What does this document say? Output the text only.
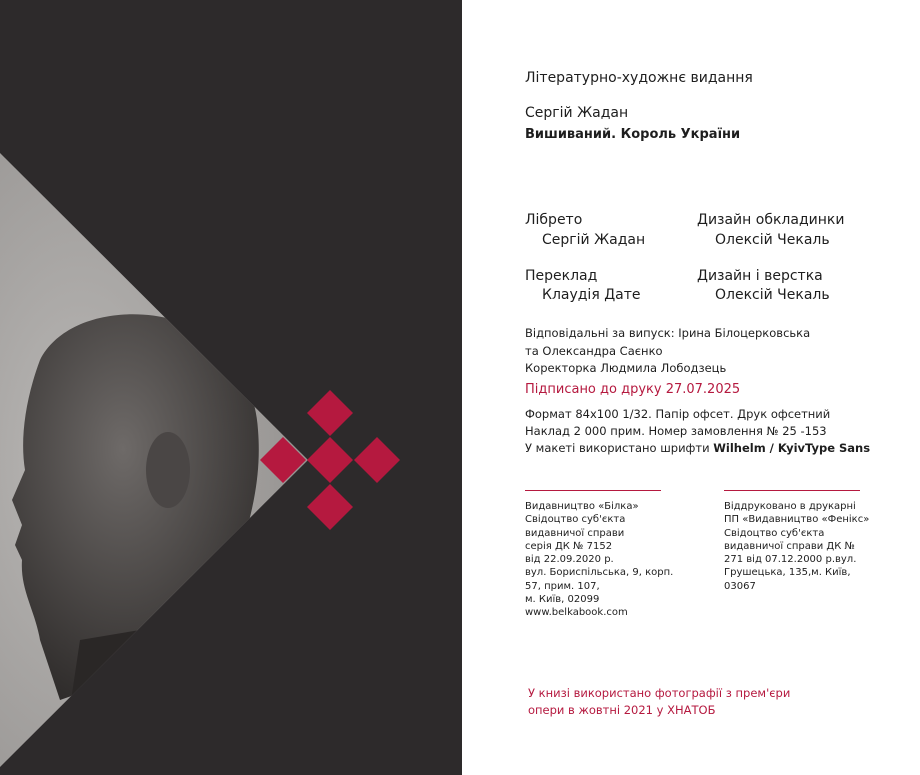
Літературно-художнє видання
Сергій Жадан
Вишиваний. Король України
Лібрето
Сергій Жадан
Дизайн обкладинки
Олексій Чекаль
Переклад
Клаудія Дате
Дизайн і верстка
Олексій Чекаль
Відповідальні за випуск: Ірина Білоцерковська
та Олександра Саєнко
Коректорка Людмила Лободзець
Підписано до друку 27.07.2025
Формат 84x100 1/32. Папір офсет. Друк офсетний
Наклад 2 000 прим. Номер замовлення № 25 -153
У макеті використано шрифти Wilhelm / KyivType Sans
Видавництво «Білка»
Свідоцтво суб'єкта
видавничої справи
серія ДК № 7152
від 22.09.2020 р.
вул. Бориспільська, 9, корп.
57, прим. 107,
м. Київ, 02099
www.belkabook.com
Віддруковано в друкарні
ПП «Видавництво «Фенікс»
Свідоцтво суб'єкта
видавничої справи ДК №
271 від 07.12.2000 р.вул.
Грушецька, 135,м. Київ,
03067
У книзі використано фотографії з прем'єри
опери в жовтні 2021 у ХНАТОБ
